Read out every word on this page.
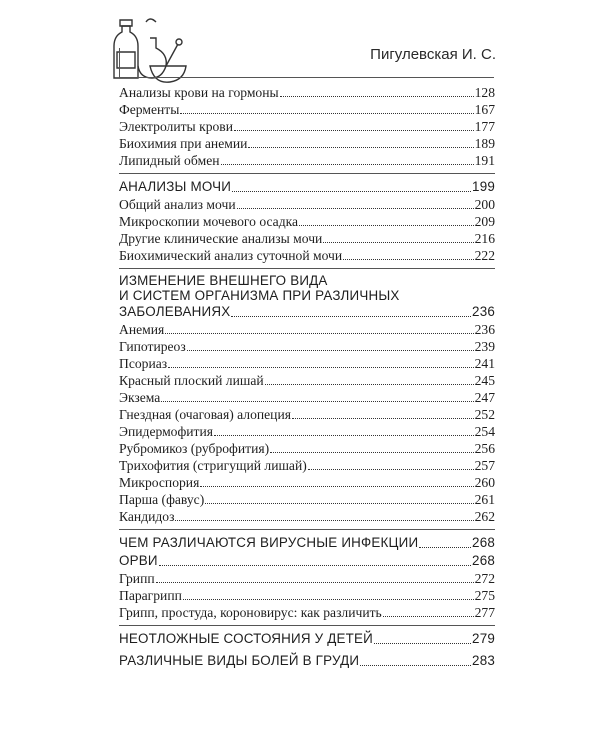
Пигулевская И. С.
Анализы крови на гормоны	128
Ферменты	167
Электролиты крови	177
Биохимия при анемии	189
Липидный обмен	191
АНАЛИЗЫ МОЧИ	199
Общий анализ мочи	200
Микроскопии мочевого осадка	209
Другие клинические анализы мочи	216
Биохимический анализ суточной мочи	222
ИЗМЕНЕНИЕ ВНЕШНЕГО ВИДА
И СИСТЕМ ОРГАНИЗМА ПРИ РАЗЛИЧНЫХ
ЗАБОЛЕВАНИЯХ	236
Анемия	236
Гипотиреоз	239
Псориаз	241
Красный плоский лишай	245
Экзема	247
Гнездная (очаговая) алопеция	252
Эпидермофития	254
Рубромикоз (руброфития)	256
Трихофития (стригущий лишай)	257
Микроспория	260
Парша (фавус)	261
Кандидоз	262
ЧЕМ РАЗЛИЧАЮТСЯ ВИРУСНЫЕ ИНФЕКЦИИ	268
ОРВИ	268
Грипп	272
Парагрипп	275
Грипп, простуда, короновирус: как различить	277
НЕОТЛОЖНЫЕ СОСТОЯНИЯ У ДЕТЕЙ	279
РАЗЛИЧНЫЕ ВИДЫ БОЛЕЙ В ГРУДИ	283
